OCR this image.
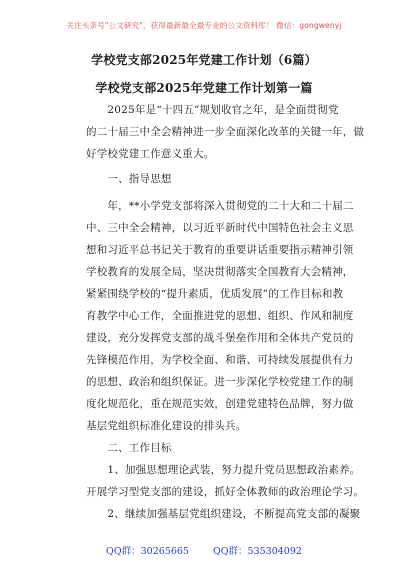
关注头条号"公文研究"，获得最新最全最专业的公文资料库！ 微信：gongwenyj
学校党支部2025年党建工作计划（6篇）
学校党支部2025年党建工作计划第一篇
　　2025年是“十四五”规划收官之年，是全面贯彻党
的二十届三中全会精神进一步全面深化改革的关键一年，做
好学校党建工作意义重大。
　　一、指导思想
　　年，**小学党支部将深入贯彻党的二十大和二十届二
中、三中全会精神，以习近平新时代中国特色社会主义思
想和习近平总书记关于教育的重要讲话重要指示精神引领
学校教育的发展全局，坚决贯彻落实全国教育大会精神，
紧紧围绕学校的“提升素质，优质发展”的工作目标和教
育教学中心工作，全面推进党的思想、组织、作风和制度
建设，充分发挥党支部的战斗堡垒作用和全体共产党员的
先锋模范作用，为学校全面、和谐、可持续发展提供有力
的思想、政治和组织保证。进一步深化学校党建工作的制
度化规范化，重在规范实效，创建党建特色品牌，努力做
基层党组织标准化建设的排头兵。
　　二、工作目标
　　1、加强思想理论武装，努力提升党员思想政治素养。
开展学习型党支部的建设，抓好全体教师的政治理论学习。
　　2、继续加强基层党组织建设，不断提高党支部的凝聚
QQ群：30265665	QQ群：535304092
